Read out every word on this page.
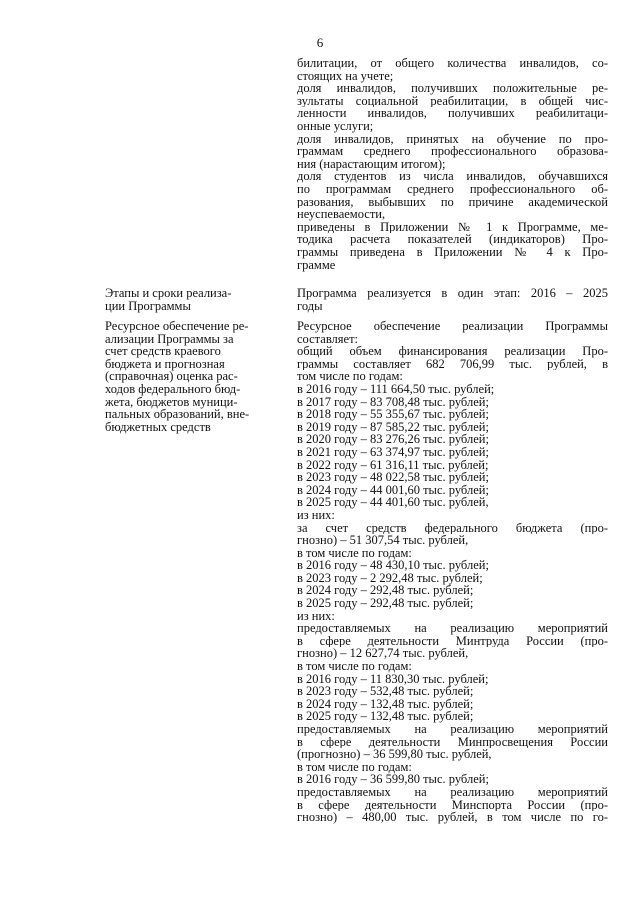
6
билитации, от общего количества инвалидов, со-
стоящих на учете;
доля инвалидов, получивших положительные ре-
зультаты социальной реабилитации, в общей чис-
ленности инвалидов, получивших реабилитаци-
онные услуги;
доля инвалидов, принятых на обучение по про-
граммам среднего профессионального образова-
ния (нарастающим итогом);
доля студентов из числа инвалидов, обучавшихся
по программам среднего профессионального об-
разования, выбывших по причине академической
неуспеваемости,
приведены в Приложении № 1 к Программе, ме-
тодика расчета показателей (индикаторов) Про-
граммы приведена в Приложении № 4 к Про-
грамме
Этапы и сроки реализа-
ции Программы
Программа реализуется в один этап: 2016 – 2025
годы
Ресурсное обеспечение ре-
ализации Программы за
счет средств краевого
бюджета и прогнозная
(справочная) оценка рас-
ходов федерального бюд-
жета, бюджетов муници-
пальных образований, вне-
бюджетных средств
Ресурсное обеспечение реализации Программы
составляет:
общий объем финансирования реализации Про-
граммы составляет 682 706,99 тыс. рублей, в
том числе по годам:
в 2016 году – 111 664,50 тыс. рублей;
в 2017 году – 83 708,48 тыс. рублей;
в 2018 году – 55 355,67 тыс. рублей;
в 2019 году – 87 585,22 тыс. рублей;
в 2020 году – 83 276,26 тыс. рублей;
в 2021 году – 63 374,97 тыс. рублей;
в 2022 году – 61 316,11 тыс. рублей;
в 2023 году – 48 022,58 тыс. рублей;
в 2024 году – 44 001,60 тыс. рублей;
в 2025 году – 44 401,60 тыс. рублей,
из них:
за счет средств федерального бюджета (про-
гнозно) – 51 307,54 тыс. рублей,
в том числе по годам:
в 2016 году – 48 430,10 тыс. рублей;
в 2023 году – 2 292,48 тыс. рублей;
в 2024 году – 292,48 тыс. рублей;
в 2025 году – 292,48 тыс. рублей;
из них:
предоставляемых на реализацию мероприятий
в сфере деятельности Минтруда России (про-
гнозно) – 12 627,74 тыс. рублей,
в том числе по годам:
в 2016 году – 11 830,30 тыс. рублей;
в 2023 году – 532,48 тыс. рублей;
в 2024 году – 132,48 тыс. рублей;
в 2025 году – 132,48 тыс. рублей;
предоставляемых на реализацию мероприятий
в сфере деятельности Минпросвещения России
(прогнозно) – 36 599,80 тыс. рублей,
в том числе по годам:
в 2016 году – 36 599,80 тыс. рублей;
предоставляемых на реализацию мероприятий
в сфере деятельности Минспорта России (про-
гнозно) – 480,00 тыс. рублей, в том числе по го-
